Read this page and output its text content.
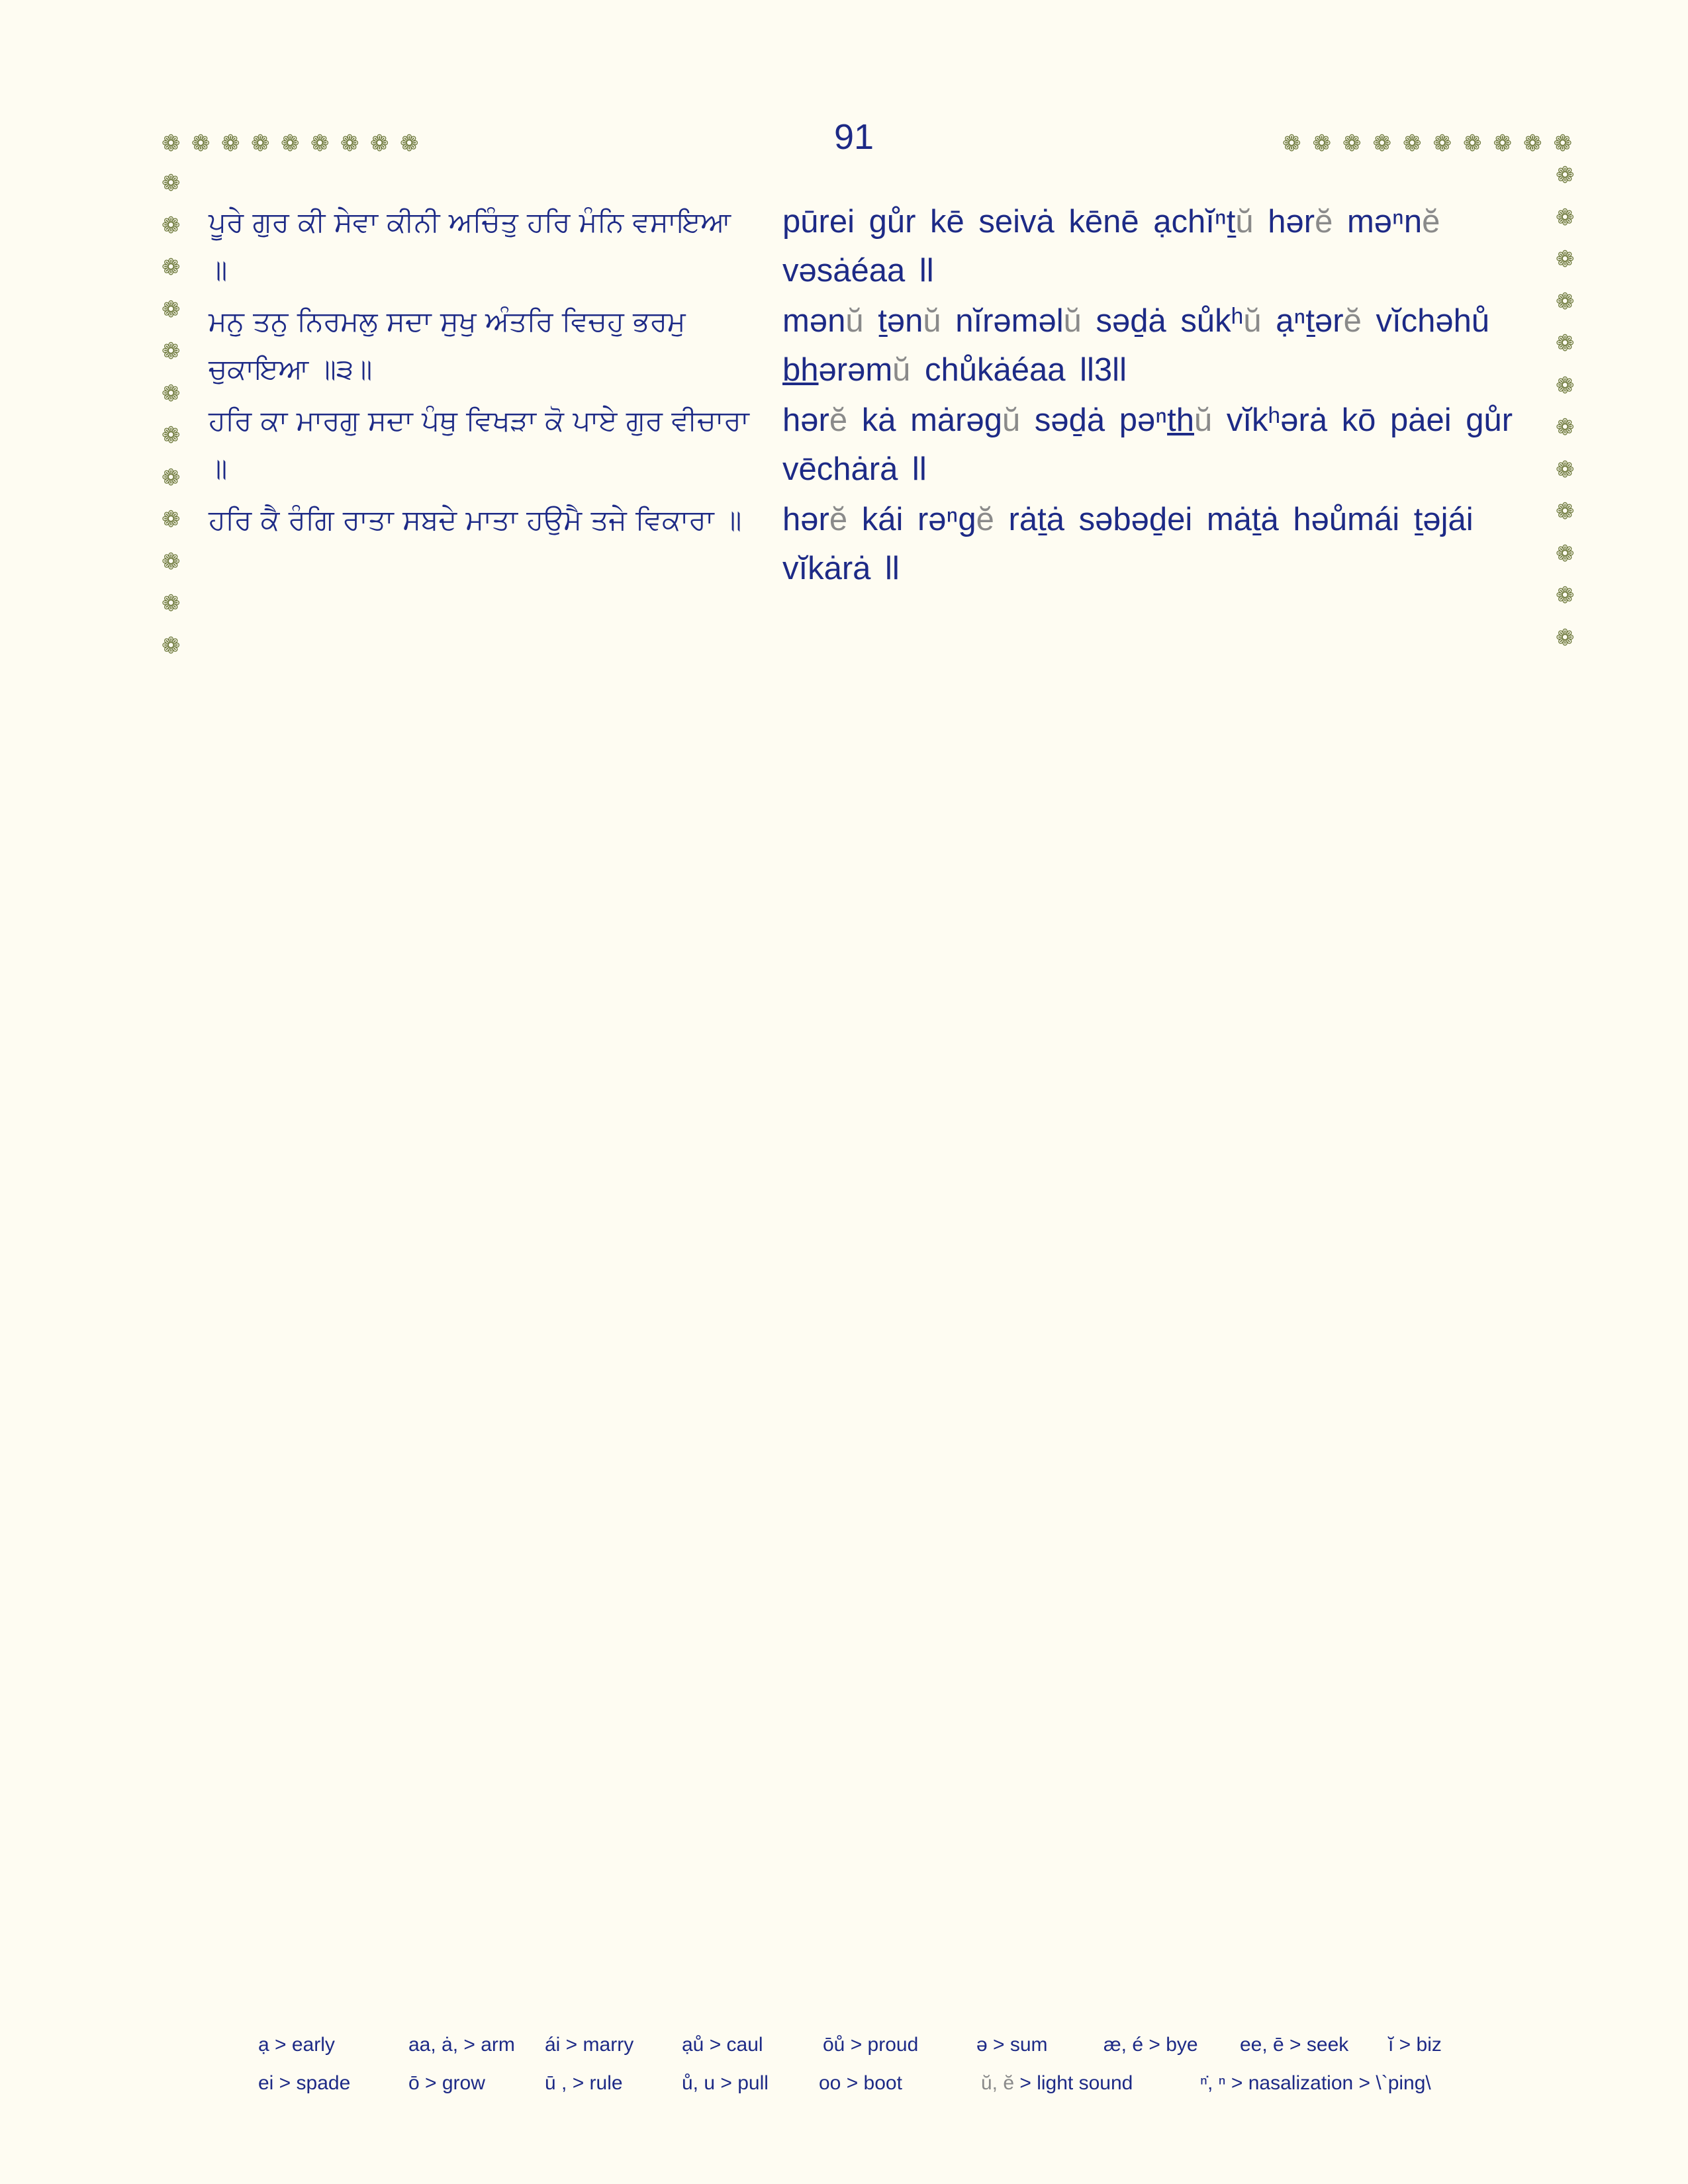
91
❁ ❁ ❁ ❁ ❁ ❁ ❁ ❁ ❁	❁ ❁ ❁ ❁ ❁ ❁ ❁ ❁ ❁ ❁
❁
❁
❁
❁
❁
❁
❁
❁
❁
❁
❁
❁
❁
❁
❁
❁
❁
❁
❁
❁
❁
❁
❁
❁
ਪੂਰੇ ਗੁਰ ਕੀ ਸੇਵਾ ਕੀਨੀ ਅਚਿੰਤੁ ਹਰਿ ਮੰਨਿ ਵਸਾਇਆ ॥
pūrei gůr kē seivȧ kēnē ạchĭⁿṯŭ hərĕ məⁿnĕ vəsȧéaa ll
ਮਨੁ ਤਨੁ ਨਿਰਮਲੁ ਸਦਾ ਸੁਖੁ ਅੰਤਰਿ ਵਿਚਹੁ ਭਰਮੁ ਚੁਕਾਇਆ ॥੩॥
mənŭ ṯənŭ nĭrəməlŭ səḏȧ sůkʰŭ ạⁿṯərĕ vĭchəhů bhərəmŭ chůkȧéaa ll3ll
ਹਰਿ ਕਾ ਮਾਰਗੁ ਸਦਾ ਪੰਥੁ ਵਿਖੜਾ ਕੋ ਪਾਏ ਗੁਰ ਵੀਚਾਰਾ ॥
hərĕ kȧ mȧrəgŭ səḏȧ pəⁿthŭ vĭkʰərȧ kō pȧei gůr vēchȧrȧ ll
ਹਰਿ ਕੈ ਰੰਗਿ ਰਾਤਾ ਸਬਦੇ ਮਾਤਾ ਹਉਮੈ ਤਜੇ ਵਿਕਾਰਾ ॥	hərĕ kái rəⁿgĕ rȧṯȧ səbəḏei mȧṯȧ həůmái ṯəjái vĭkȧrȧ ll
ạ > early	aa, ȧ, > arm ái > marry ạů > caul	ōů > proud	ə > sum	æ, é > bye ee, ē > seek ĭ > biz
ei > spade	ō > grow	ū , > rule	ů, u > pull	oo > boot	ŭ, ĕ > light sound	ⁿ̇, ⁿ > nasalization > \`ping\
